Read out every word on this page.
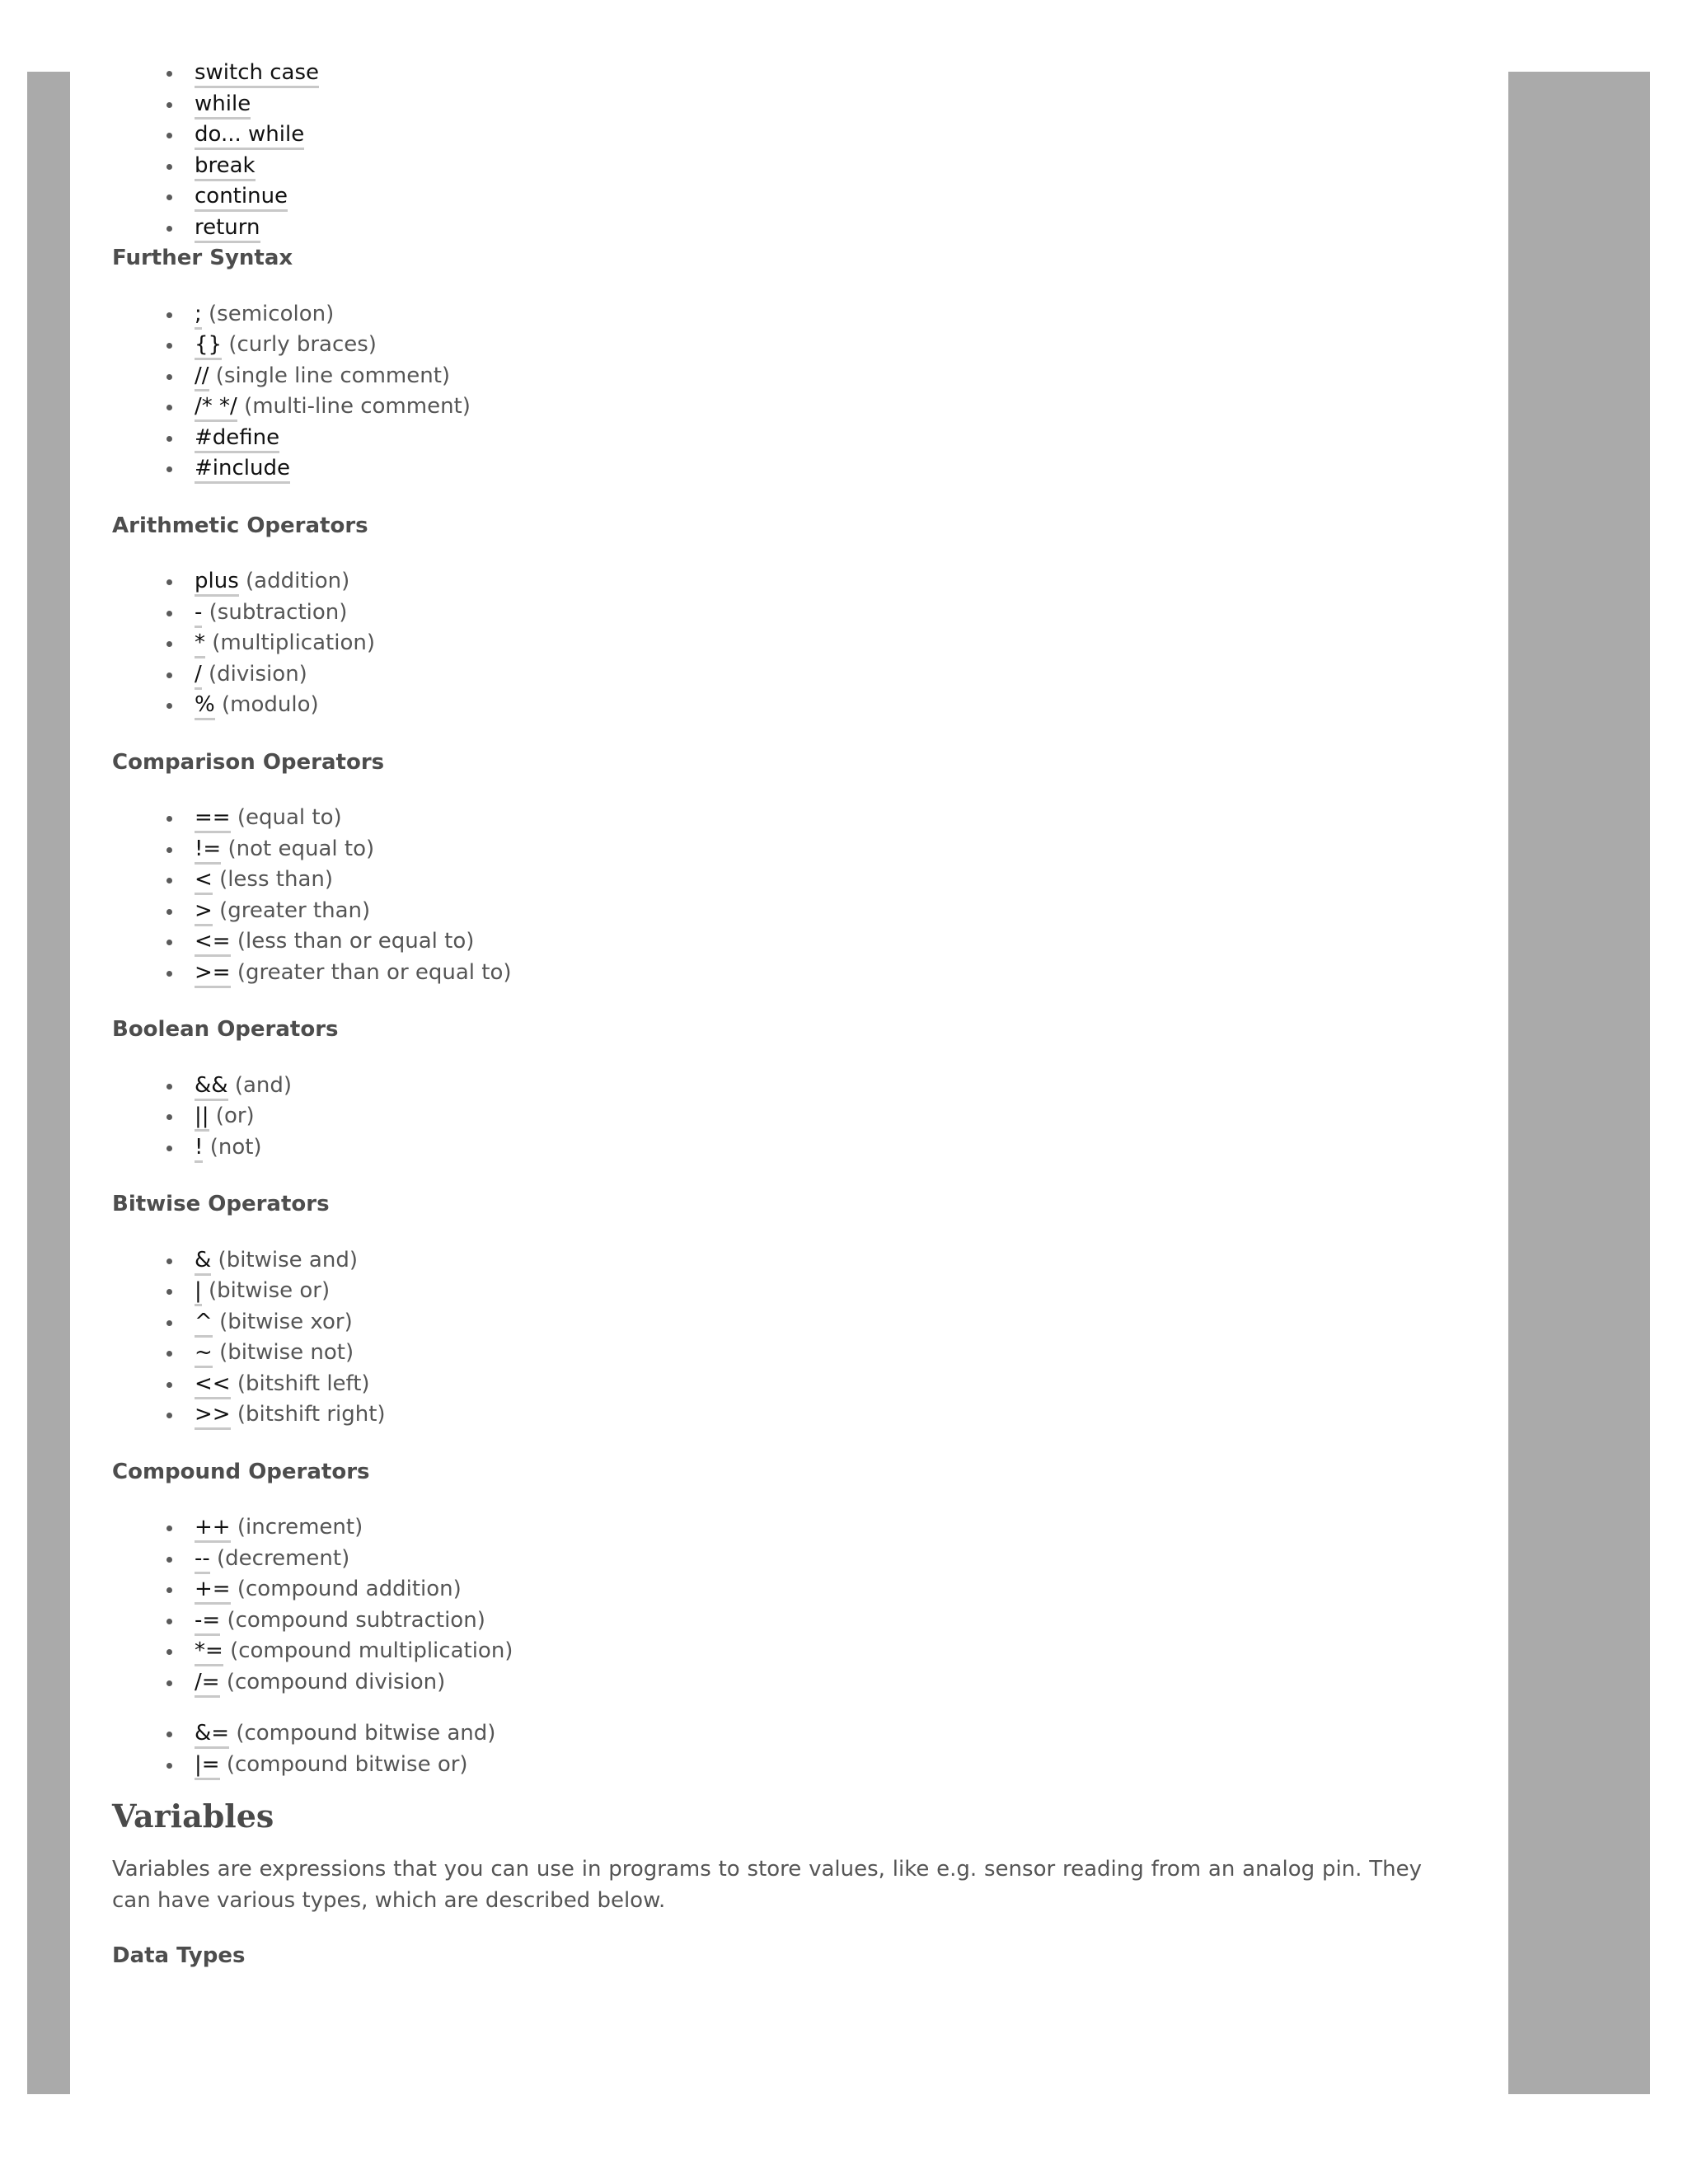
switch case
while
do... while
break
continue
return
Further Syntax
; (semicolon)
{} (curly braces)
// (single line comment)
/* */ (multi-line comment)
#define
#include
Arithmetic Operators
plus (addition)
- (subtraction)
* (multiplication)
/ (division)
% (modulo)
Comparison Operators
== (equal to)
!= (not equal to)
< (less than)
> (greater than)
<= (less than or equal to)
>= (greater than or equal to)
Boolean Operators
&& (and)
|| (or)
! (not)
Bitwise Operators
& (bitwise and)
| (bitwise or)
^ (bitwise xor)
~ (bitwise not)
<< (bitshift left)
>> (bitshift right)
Compound Operators
++ (increment)
-- (decrement)
+= (compound addition)
-= (compound subtraction)
*= (compound multiplication)
/= (compound division)
&= (compound bitwise and)
|= (compound bitwise or)
Variables

Variables are expressions that you can use in programs to store values, like e.g. sensor reading from an analog pin. They can have various types, which are described below.

Data Types
